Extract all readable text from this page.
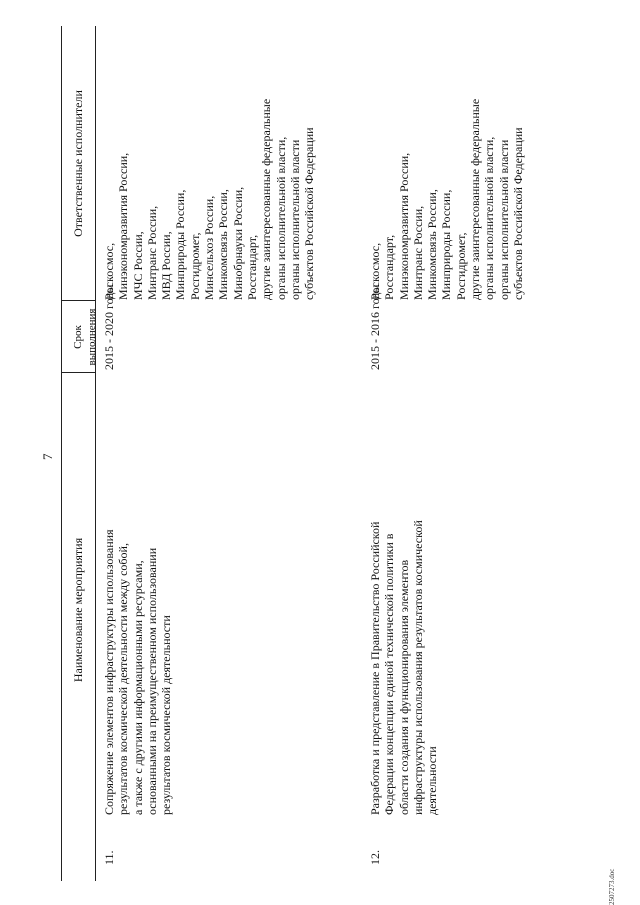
7
Наименование мероприятия
Срок выполнения
Ответственные исполнители
11.
Сопряжение элементов инфраструктуры использования
результатов космической деятельности между собой,
а также с другими информационными ресурсами,
основанными на преимущественном использовании
результатов космической деятельности
2015 - 2020 годы
Роскосмос,
Минэкономразвития России,
МЧС России,
Минтранс России,
МВД России,
Минприроды России,
Росгидромет,
Минсельхоз России,
Минкомсвязь России,
Минобрнауки России,
Росстандарт,
другие заинтересованные федеральные
органы исполнительной власти,
органы исполнительной власти
субъектов Российской Федерации
12.
Разработка и представление в Правительство Российской
Федерации концепции единой технической политики в
области создания и функционирования элементов
инфраструктуры использования результатов космической
деятельности
2015 - 2016 годы
Роскосмос,
Росстандарт,
Минэкономразвития России,
Минтранс России,
Минкомсвязь России,
Минприроды России,
Росгидромет,
другие заинтересованные федеральные
органы исполнительной власти,
органы исполнительной власти
субъектов Российской Федерации
2507273.doc
